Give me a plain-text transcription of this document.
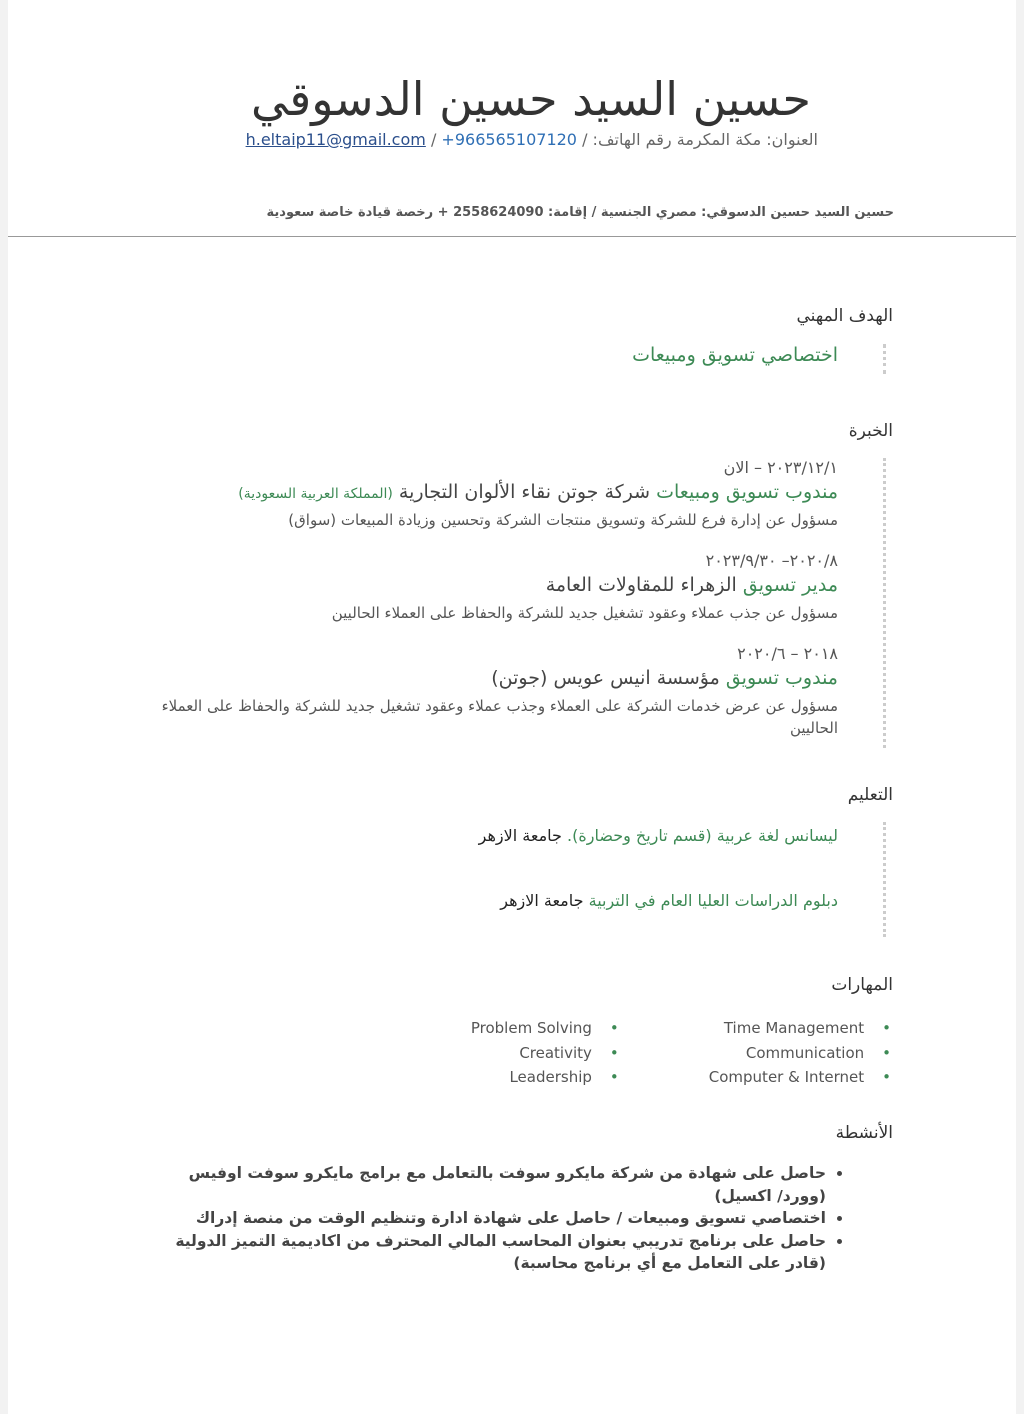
حسين السيد حسين الدسوقي
العنوان: مكة المكرمة رقم الهاتف: / +966565107120 / h.eltaip11@gmail.com
حسين السيد حسين الدسوقي: مصري الجنسية / إقامة: 2558624090 + رخصة قيادة خاصة سعودية
الهدف المهني
اختصاصي تسويق ومبيعات
الخبرة
٢٠٢٣/١٢/١ – الان
مندوب تسويق ومبيعات شركة جوتن نقاء الألوان التجارية (المملكة العربية السعودية)
مسؤول عن إدارة فرع للشركة وتسويق منتجات الشركة وتحسين وزيادة المبيعات (سواق)
٢٠٢٠/٨– ٢٠٢٣/٩/٣٠
مدير تسويق الزهراء للمقاولات العامة
مسؤول عن جذب عملاء وعقود تشغيل جديد للشركة والحفاظ على العملاء الحاليين
٢٠١٨ – ٢٠٢٠/٦
مندوب تسويق مؤسسة انيس عويس (جوتن)
مسؤول عن عرض خدمات الشركة على العملاء وجذب عملاء وعقود تشغيل جديد للشركة والحفاظ على العملاء الحاليين
التعليم
ليسانس لغة عربية (قسم تاريخ وحضارة). جامعة الازهر
دبلوم الدراسات العليا العام في التربية جامعة الازهر
المهارات
•
Time Management
•
Problem Solving
•
Communication
•
Creativity
•
Computer & Internet
•
Leadership
الأنشطة
• حاصل على شهادة من شركة مايكرو سوفت بالتعامل مع برامج مايكرو سوفت اوفيس (وورد/ اكسيل)
• اختصاصي تسويق ومبيعات / حاصل على شهادة ادارة وتنظيم الوقت من منصة إدراك
• حاصل على برنامج تدريبي بعنوان المحاسب المالي المحترف من اكاديمية التميز الدولية (قادر على التعامل مع أي برنامج محاسبة)
